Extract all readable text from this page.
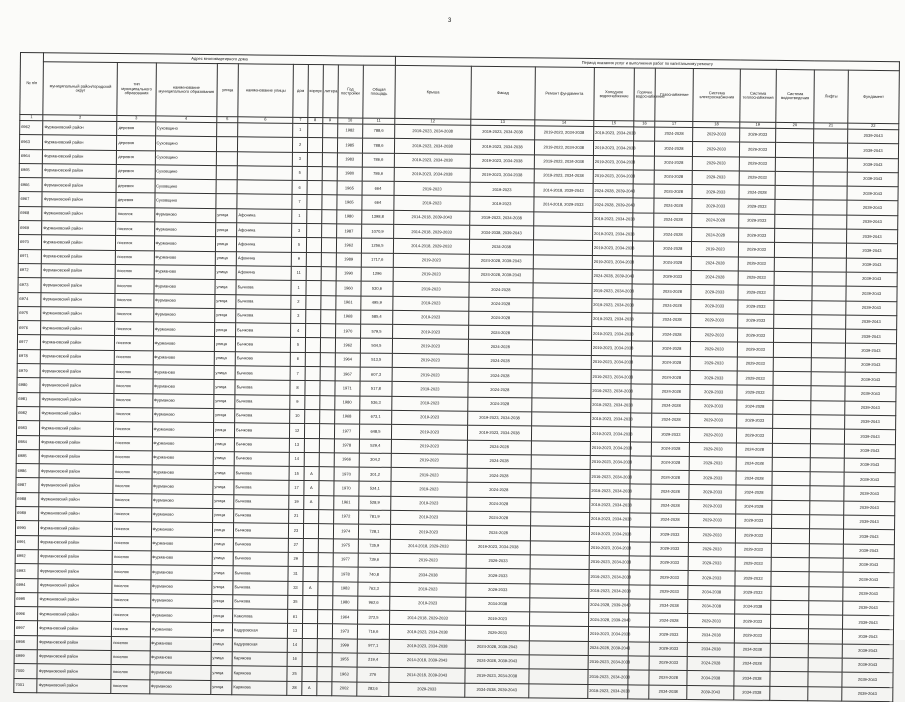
3
№ п/п	Адрес многоквартирного дома										Период оказания услуг и выполнения работ по капитальному ремонту										
	муниципальный район/городской округ	тип муниципального образования	наименование муниципального образования	улица	наименование улицы	дом	корпус	литера	Год постройки	Общая площадь	Крыша	Фасад	Ремонт фундамента	Холодное водоснабжение	Горячее водоснабжение	Газоснабжение	Система электроснабжения	Система теплоснабжения	Система водоотведения	Лифты	Фундамент
1	2	3	4	5	6	7	8	9	10	11	12	13	14	15	16	17	18	19	20	21	22
6962	Фурмановский район	деревня	Суховщино			1			1982	788,6	2019-2023, 2034-2038	2019-2023, 2034-2038	2019-2023, 2034-2038	2019-2023, 2034-2038		2024-2028	2029-2033	2029-2033			2039-2043
6963	Фурмановский район	деревня	Суховщино			2			1985	788,6	2019-2023, 2034-2038	2019-2023, 2034-2038	2019-2023, 2034-2038	2019-2023, 2034-2038		2024-2028	2029-2033	2029-2033			2039-2043
6964	Фурмановский район	деревня	Суховщино			3			1983	786,6	2019-2023, 2034-2038	2019-2023, 2034-2038	2019-2023, 2034-2038	2019-2023, 2034-2038		2024-2028	2029-2033	2029-2033			2039-2043
6965	Фурмановский район	деревня	Суховщино			5			1980	786,6	2019-2023, 2034-2038	2019-2023, 2034-2038	2019-2023, 2034-2038	2019-2023, 2034-2038		2024-2028	2029-2033	2029-2033			2039-2043
6966	Фурмановский район	деревня	Суховщино			6			1965	664	2019-2023	2019-2023	2014-2018, 2039-2043	2024-2028, 2039-2043		2024-2028	2029-2033	2024-2028			2039-2043
6967	Фурмановский район	деревня	Суховщино			7			1965	664	2019-2023	2019-2023	2014-2018, 2029-2033	2024-2028, 2039-2043		2024-2028	2029-2033	2029-2033			2039-2043
6968	Фурмановский район	поселок	Фурманово	улица	Афонина	1			1980	1398,8	2014-2018, 2039-2043	2019-2023, 2034-2038		2019-2023, 2034-2038		2024-2028	2024-2028	2029-2033			2039-2043
6969	Фурмановский район	поселок	Фурманово	улица	Афонина	3			1987	1070,9	2014-2018, 2029-2033	2034-2038, 2039-2043		2019-2023, 2034-2038		2024-2028	2024-2028	2029-2033			2039-2043
6970	Фурмановский район	поселок	Фурманово	улица	Афонина	5			1962	1256,5	2014-2018, 2029-2033	2034-2038		2019-2023, 2034-2038		2024-2028	2019-2023	2029-2033			2039-2043
6971	Фурмановский район	поселок	Фурманово	улица	Афонина	9			1989	1717,6	2019-2023	2024-2028, 2039-2043		2019-2023, 2034-2038		2024-2028	2024-2028	2029-2033			2039-2043
6972	Фурмановский район	поселок	Фурманово	улица	Афонина	11			1990	1296	2019-2023	2024-2028, 2039-2043		2024-2028, 2039-2043		2029-2033	2024-2028	2029-2033			2039-2043
6973	Фурмановский район	поселок	Фурманово	улица	Бычкова	1			1960	530,6	2019-2023	2024-2028		2019-2023, 2034-2038		2024-2028	2029-2033	2029-2033			2039-2043
6974	Фурмановский район	поселок	Фурманово	улица	Бычкова	2			1961	495,9	2019-2023	2024-2028		2019-2023, 2034-2038		2024-2028	2029-2033	2029-2033			2039-2043
6975	Фурмановский район	поселок	Фурманово	улица	Бычкова	3			1968	585,4	2019-2023	2024-2028		2019-2023, 2034-2038		2024-2028	2029-2033	2029-2033			2039-2043
6976	Фурмановский район	поселок	Фурманово	улица	Бычкова	4			1970	579,5	2019-2023	2024-2028		2019-2023, 2034-2038		2024-2028	2029-2033	2029-2033			2039-2043
6977	Фурмановский район	поселок	Фурманово	улица	Бычкова	5			1962	504,5	2019-2023	2024-2028		2019-2023, 2034-2038		2024-2028	2029-2033	2029-2033			2039-2043
6978	Фурмановский район	поселок	Фурманово	улица	Бычкова	6			1964	513,5	2019-2023	2024-2028		2019-2023, 2034-2038		2024-2028	2029-2033	2029-2033			2039-2043
6979	Фурмановский район	поселок	Фурманово	улица	Бычкова	7			1967	607,3	2019-2023	2024-2028		2019-2023, 2034-2038		2024-2028	2029-2033	2029-2033			2039-2043
6980	Фурмановский район	поселок	Фурманово	улица	Бычкова	8			1971	517,8	2019-2023	2024-2028		2019-2023, 2034-2038		2024-2028	2029-2033	2029-2033			2039-2043
6981	Фурмановский район	поселок	Фурманово	улица	Бычкова	9			1980	536,3	2019-2023	2024-2028		2019-2023, 2034-2038		2024-2028	2029-2033	2024-2028			2039-2043
6982	Фурмановский район	поселок	Фурманово	улица	Бычкова	10			1968	673,1	2019-2023	2019-2023, 2034-2038		2019-2023, 2034-2038		2024-2028	2029-2033	2029-2033			2039-2043
6983	Фурмановский район	поселок	Фурманово	улица	Бычкова	12			1977	648,5	2019-2023	2019-2023, 2034-2038		2019-2023, 2034-2038		2029-2033	2029-2033	2029-2033			2039-2043
6984	Фурмановский район	поселок	Фурманово	улица	Бычкова	13			1978	529,4	2019-2023	2024-2028		2019-2023, 2034-2038		2024-2028	2029-2033	2024-2028			2039-2043
6985	Фурмановский район	поселок	Фурманово	улица	Бычкова	14			1966	304,2	2019-2023	2024-2028		2019-2023, 2034-2038		2024-2028	2029-2033	2024-2028			2039-2043
6986	Фурмановский район	поселок	Фурманово	улица	Бычкова	15	А		1970	301,2	2019-2023	2024-2028		2019-2023, 2034-2038		2024-2028	2029-2033	2024-2028			2039-2043
6987	Фурмановский район	поселок	Фурманово	улица	Бычкова	17	А		1970	524,1	2019-2023	2024-2028		2019-2023, 2034-2038		2024-2028	2029-2033	2024-2028			2039-2043
6988	Фурмановский район	поселок	Фурманово	улица	Бычкова	19	А		1961	528,9	2019-2023	2024-2028		2019-2023, 2034-2038		2024-2028	2029-2033	2024-2028			2039-2043
6989	Фурмановский район	поселок	Фурманово	улица	Бычкова	21			1972	781,9	2019-2023	2024-2028		2019-2023, 2034-2038		2024-2028	2029-2033	2029-2033			2039-2043
6990	Фурмановский район	поселок	Фурманово	улица	Бычкова	23			1974	728,1	2019-2023	2024-2028		2019-2023, 2034-2038		2029-2033	2029-2033	2029-2033			2039-2043
6991	Фурмановский район	поселок	Фурманово	улица	Бычкова	27			1975	735,9	2014-2018, 2029-2033	2019-2023, 2034-2038		2019-2023, 2034-2038		2029-2033	2029-2033	2029-2033			2039-2043
6992	Фурмановский район	поселок	Фурманово	улица	Бычкова	29			1977	739,6	2019-2023	2029-2033		2019-2023, 2034-2038		2029-2033	2029-2033	2029-2033			2039-2043
6993	Фурмановский район	поселок	Фурманово	улица	Бычкова	31			1978	740,8	2034-2038	2029-2033		2019-2023, 2034-2038		2029-2033	2029-2033	2029-2033			2039-2043
6994	Фурмановский район	поселок	Фурманово	улица	Бычкова	33	А		1983	763,3	2019-2023	2029-2033		2019-2023, 2034-2038		2029-2033	2034-2038	2029-2033			2039-2043
6995	Фурмановский район	поселок	Фурманово	улица	Бычкова	35			1980	962,6	2019-2023	2034-2038		2024-2028, 2039-2043		2034-2038	2034-2038	2034-2038			2039-2043
6996	Фурмановский район	поселок	Фурманово	улица	Камолова	61			1964	372,5	2014-2018, 2029-2033	2019-2023		2024-2028, 2039-2043		2024-2028	2029-2033	2029-2033			2039-2043
6997	Фурмановский район	поселок	Фурманово	улица	Кадуровская	13			1973	716,6	2019-2023, 2034-2038	2029-2033		2019-2023, 2034-2038		2029-2033	2034-2038	2029-2033			2039-2043
6998	Фурмановский район	поселок	Фурманово	улица	Кадуровская	14			1999	977,1	2019-2023, 2034-2038	2024-2028, 2039-2043		2024-2028, 2039-2043		2029-2033	2034-2038	2034-2038			2039-2043
6999	Фурмановский район	поселок	Фурманово	улица	Карякова	16			1955	219,4	2014-2018, 2039-2043	2024-2028, 2039-2043		2019-2023, 2034-2038		2029-2033	2024-2028	2024-2028			2039-2043
7000	Фурмановский район	поселок	Фурманово	улица	Карякова	25			1963	276	2014-2018, 2039-2043	2019-2023, 2034-2038		2019-2023, 2034-2038		2024-2028	2034-2038	2034-2038			2039-2043
7001	Фурмановский район	поселок	Фурманово	улица	Карякова	28	А		2002	283,6	2029-2033	2034-2038, 2039-2043		2019-2023, 2034-2038		2034-2038	2039-2043	2034-2038			2039-2043
